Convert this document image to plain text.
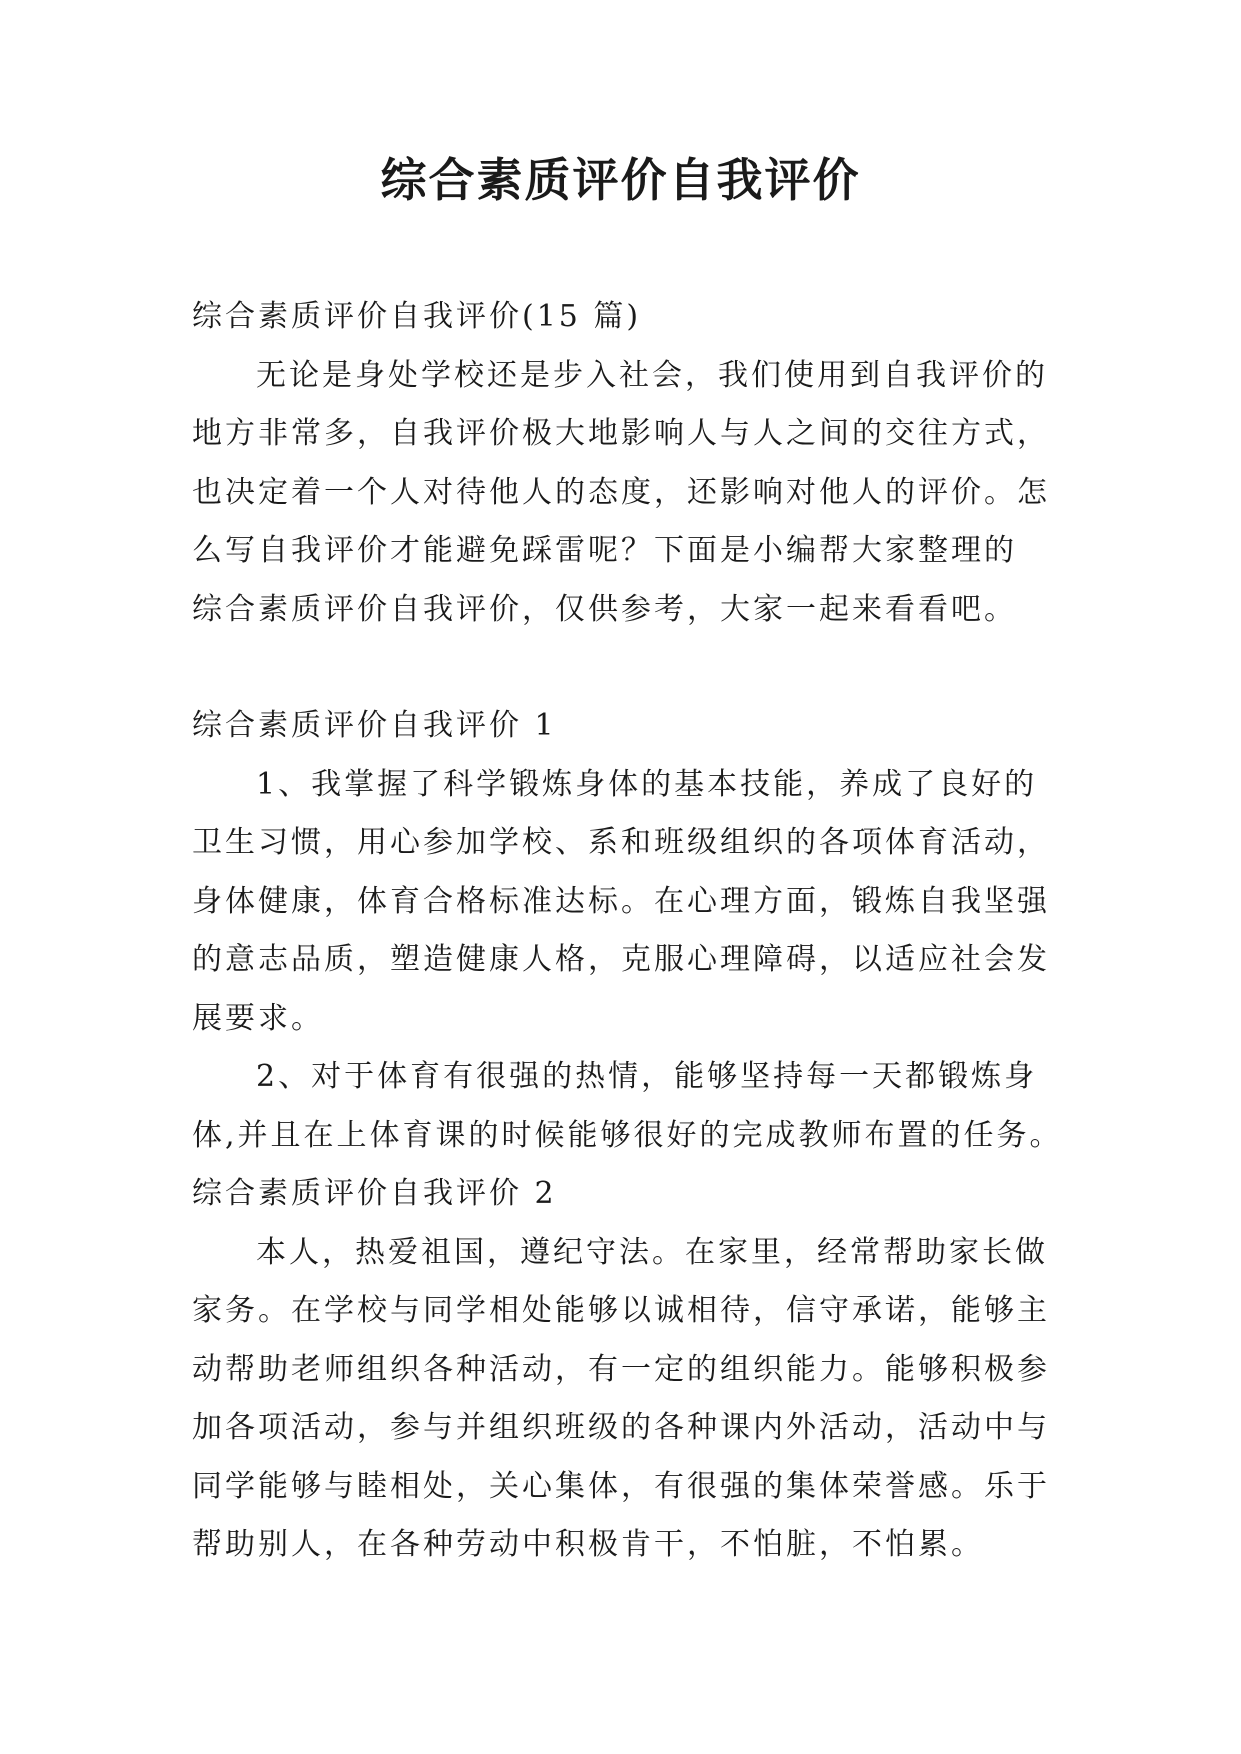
综合素质评价自我评价
综合素质评价自我评价(15 篇)
无论是身处学校还是步入社会，我们使用到自我评价的
地方非常多，自我评价极大地影响人与人之间的交往方式，
也决定着一个人对待他人的态度，还影响对他人的评价。怎
么写自我评价才能避免踩雷呢？下面是小编帮大家整理的
综合素质评价自我评价，仅供参考，大家一起来看看吧。
综合素质评价自我评价 1
1、我掌握了科学锻炼身体的基本技能，养成了良好的
卫生习惯，用心参加学校、系和班级组织的各项体育活动，
身体健康，体育合格标准达标。在心理方面，锻炼自我坚强
的意志品质，塑造健康人格，克服心理障碍，以适应社会发
展要求。
2、对于体育有很强的热情，能够坚持每一天都锻炼身
体,并且在上体育课的时候能够很好的完成教师布置的任务。
综合素质评价自我评价 2
本人，热爱祖国，遵纪守法。在家里，经常帮助家长做
家务。在学校与同学相处能够以诚相待，信守承诺，能够主
动帮助老师组织各种活动，有一定的组织能力。能够积极参
加各项活动，参与并组织班级的各种课内外活动，活动中与
同学能够与睦相处，关心集体，有很强的集体荣誉感。乐于
帮助别人，在各种劳动中积极肯干，不怕脏，不怕累。
